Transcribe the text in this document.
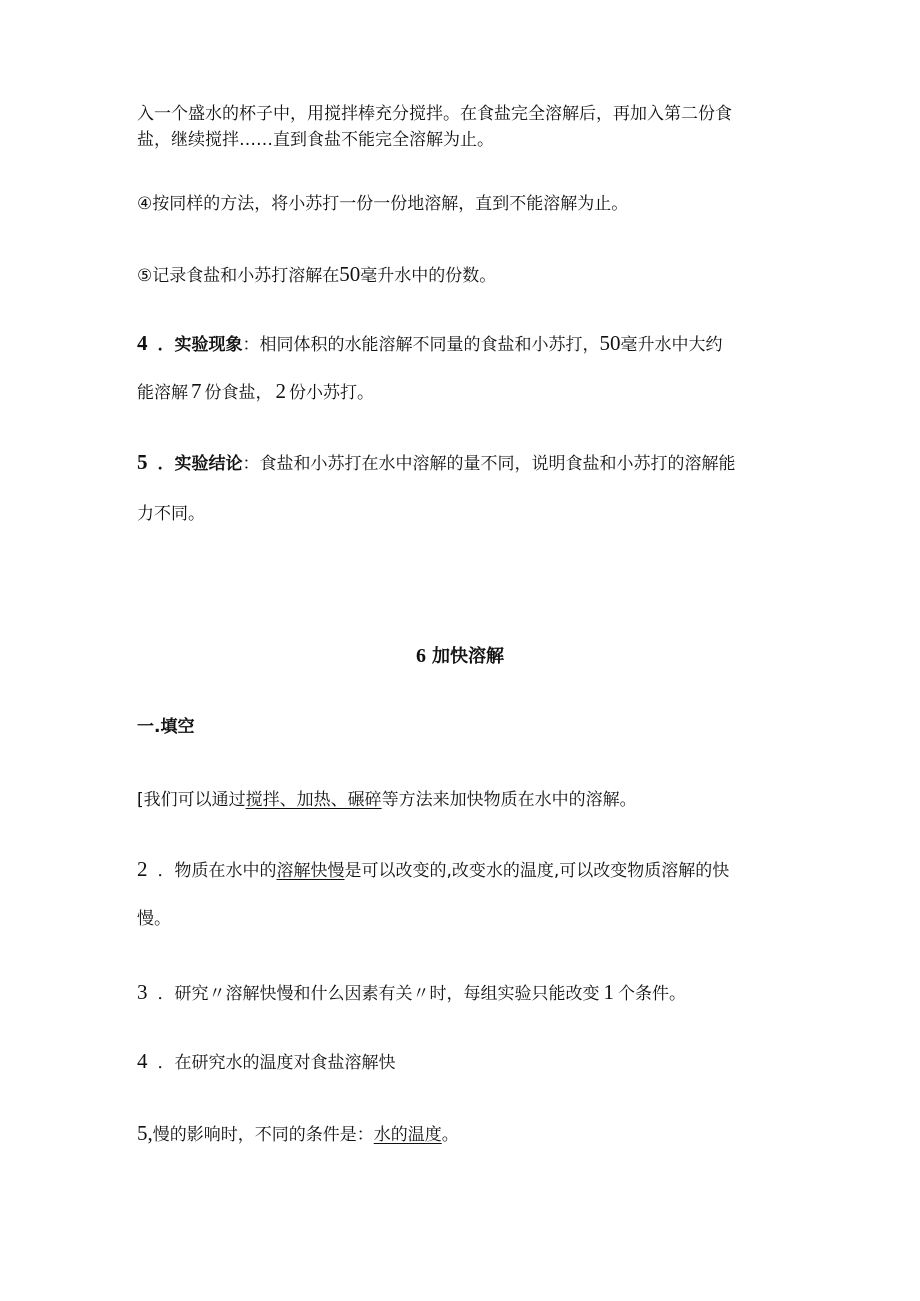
入一个盛水的杯子中，用搅拌棒充分搅拌。在食盐完全溶解后，再加入第二份食

盐，继续搅拌……直到食盐不能完全溶解为止。

④按同样的方法，将小苏打一份一份地溶解，直到不能溶解为止。

⑤记录食盐和小苏打溶解在50毫升水中的份数。

4 ．实验现象：相同体积的水能溶解不同量的食盐和小苏打，50毫升水中大约

能溶解 7 份食盐， 2 份小苏打。

5 ．实验结论：食盐和小苏打在水中溶解的量不同，说明食盐和小苏打的溶解能

力不同。

6 加快溶解

一.填空

[我们可以通过搅拌、加热、碾碎等方法来加快物质在水中的溶解。

2 ．物质在水中的溶解快慢是可以改变的,改变水的温度,可以改变物质溶解的快

慢。

3 ．研究〃溶解快慢和什么因素有关〃时，每组实验只能改变 1 个条件。

4 ．在研究水的温度对食盐溶解快

5,慢的影响时，不同的条件是：水的温度。
